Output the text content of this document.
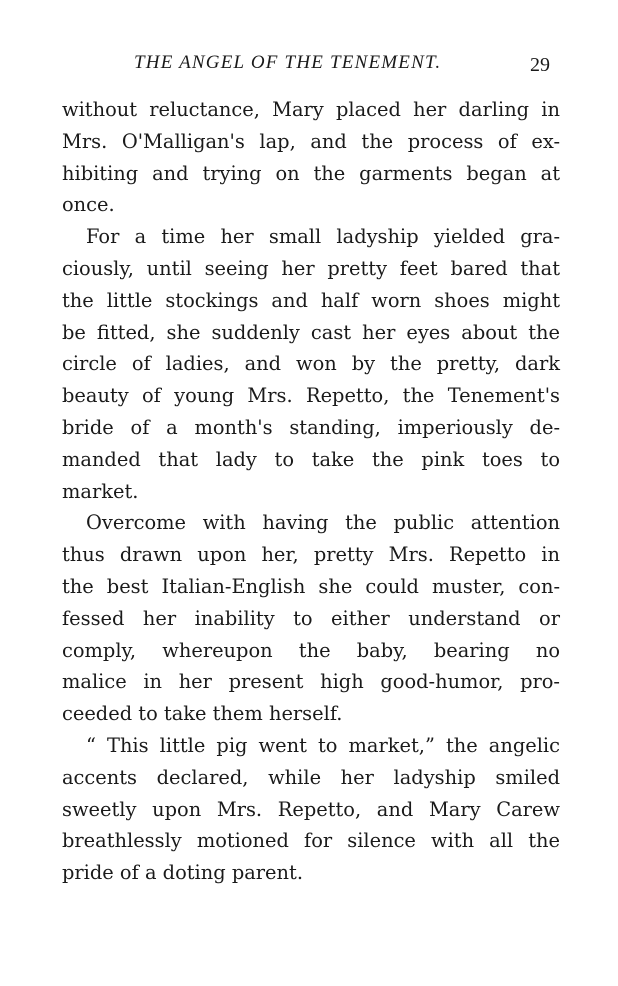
THE ANGEL OF THE TENEMENT.	29
without reluctance, Mary placed her darling in
Mrs. O'Malligan's lap, and the process of ex-
hibiting and trying on the garments began at
once.
For a time her small ladyship yielded gra-
ciously, until seeing her pretty feet bared that
the little stockings and half worn shoes might
be fitted, she suddenly cast her eyes about the
circle of ladies, and won by the pretty, dark
beauty of young Mrs. Repetto, the Tenement's
bride of a month's standing, imperiously de-
manded that lady to take the pink toes to
market.
Overcome with having the public attention
thus drawn upon her, pretty Mrs. Repetto in
the best Italian-English she could muster, con-
fessed her inability to either understand or
comply, whereupon the baby, bearing no
malice in her present high good-humor, pro-
ceeded to take them herself.
“ This little pig went to market,” the angelic
accents declared, while her ladyship smiled
sweetly upon Mrs. Repetto, and Mary Carew
breathlessly motioned for silence with all the
pride of a doting parent.
